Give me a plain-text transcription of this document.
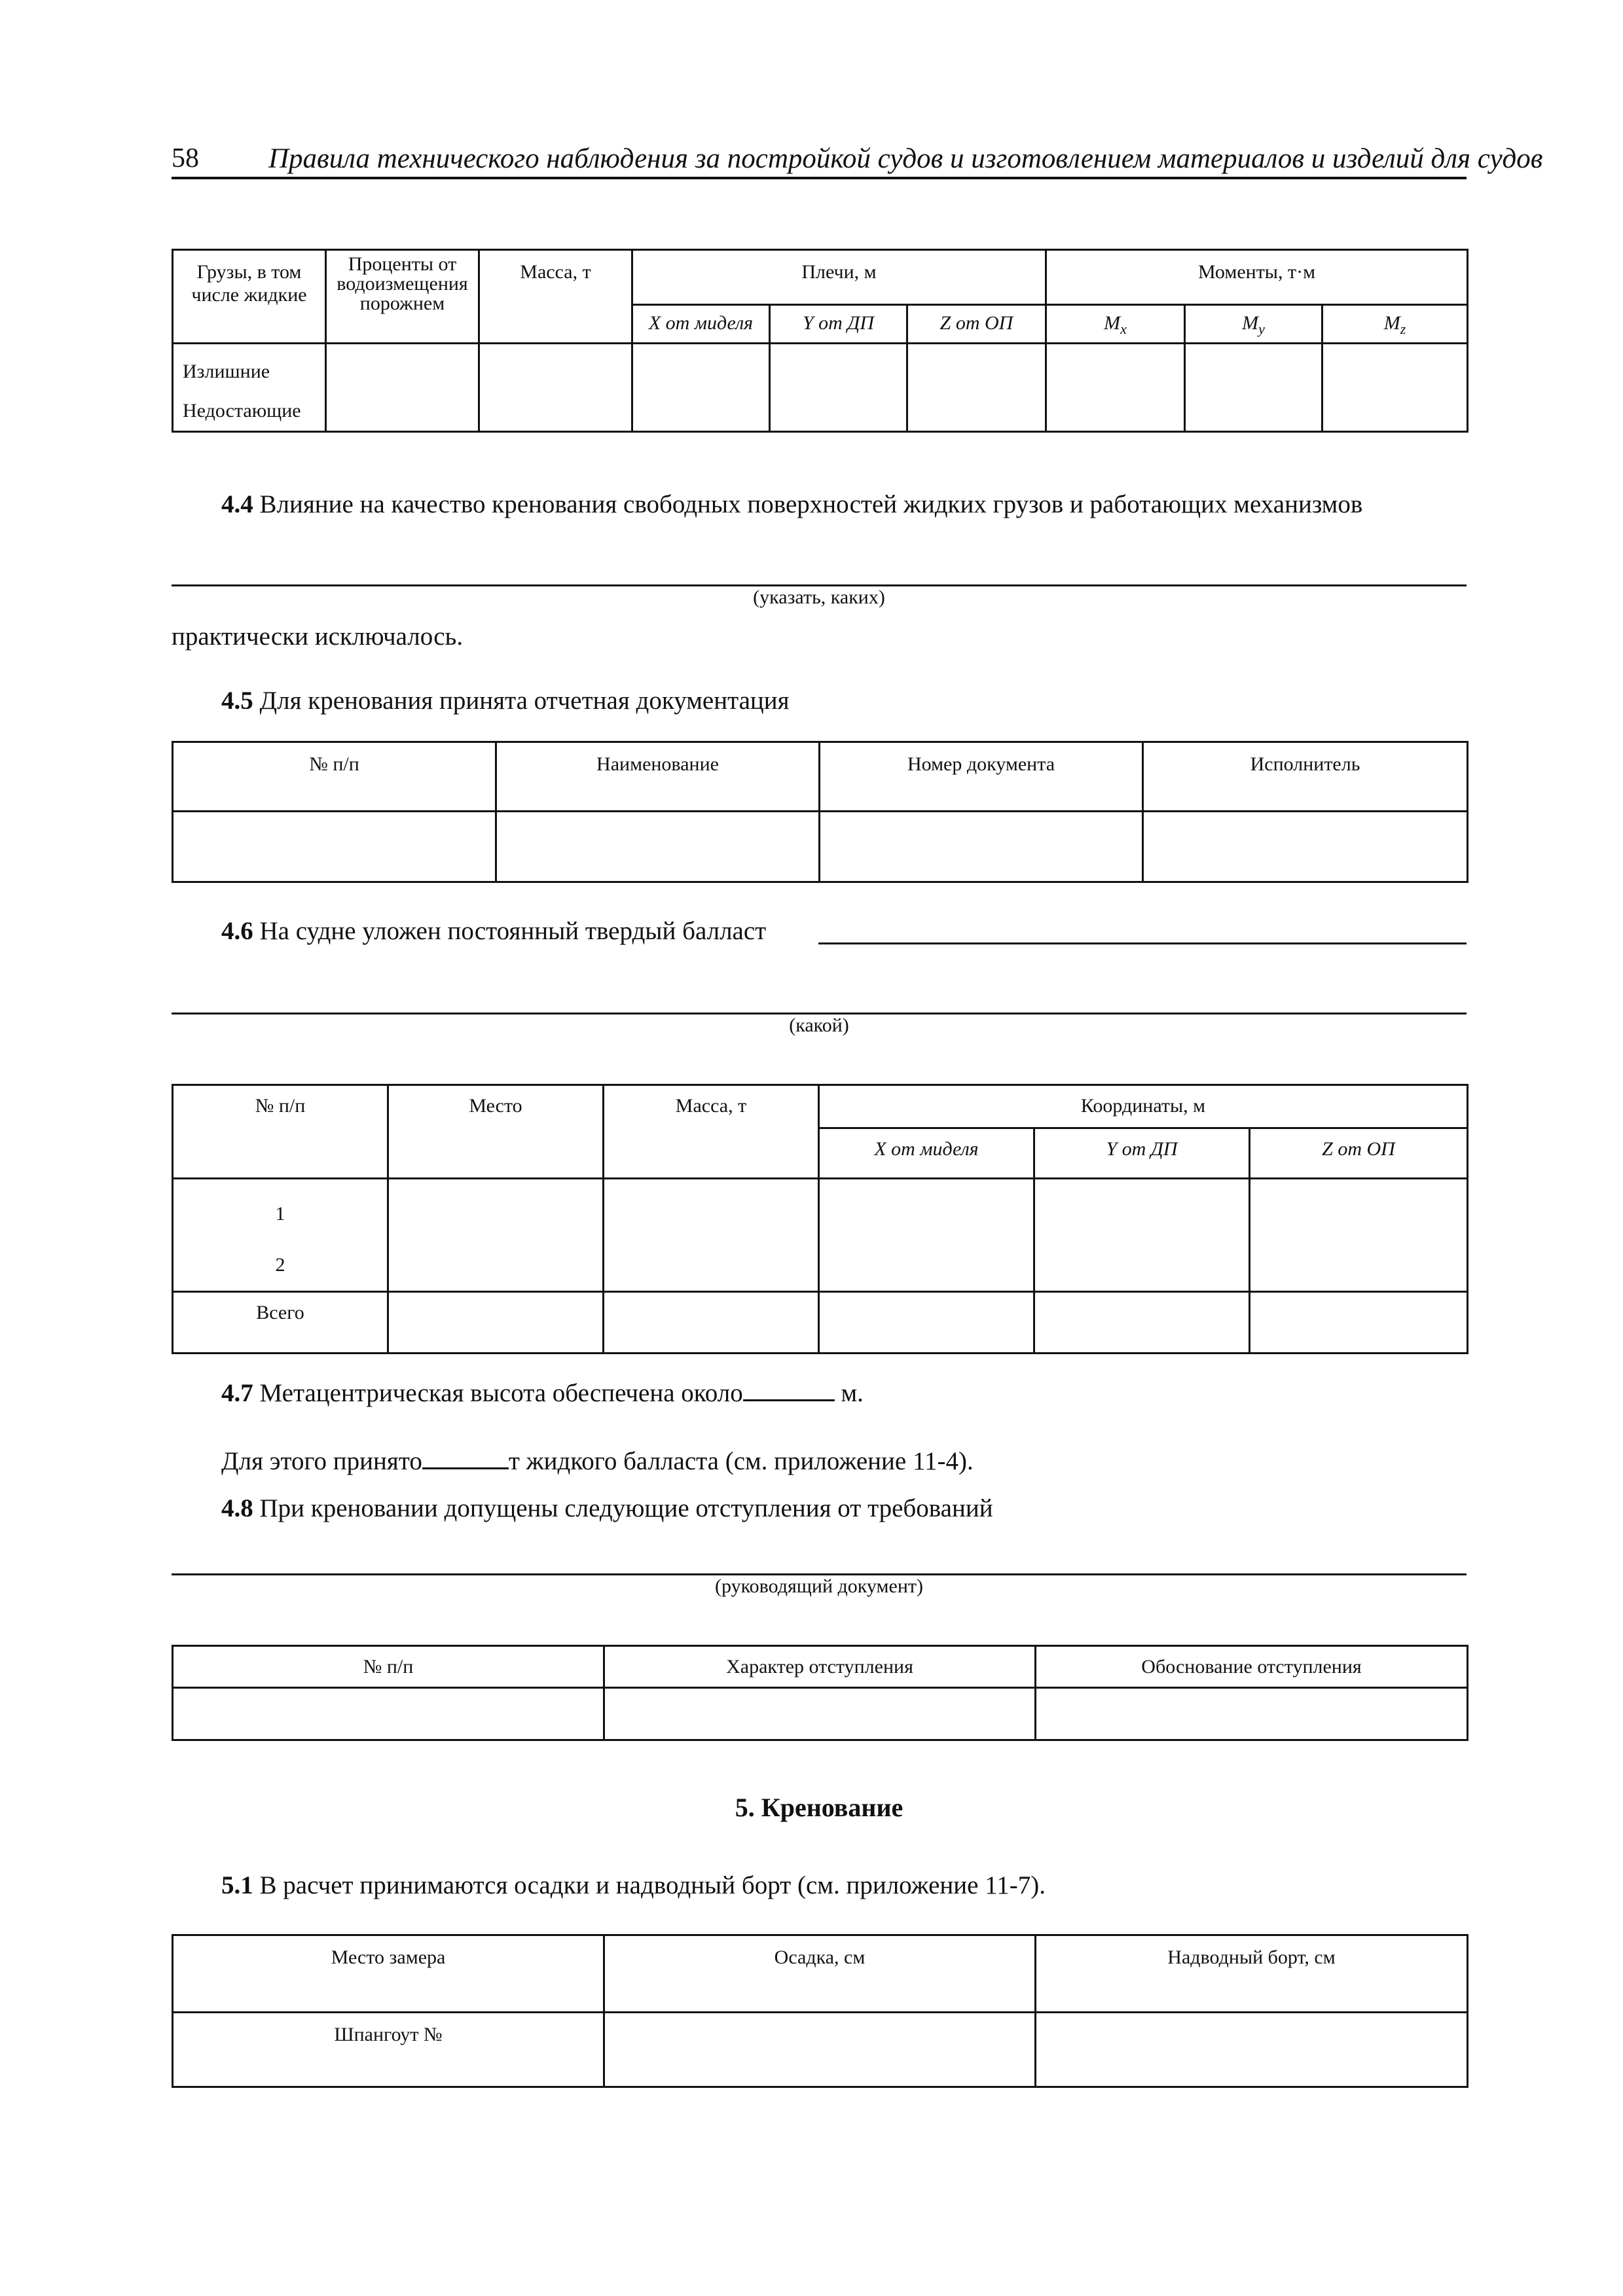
58 Правила технического наблюдения за постройкой судов и изготовлением материалов и изделий для судов
Грузы, в том
числе жидкие	Проценты от
водоизмещения
порожнем	Масса, т	Плечи, м			Моменты, т·м		
			X от миделя	Y от ДП	Z от ОП	$M_x$	$M_y$	$M_z$

Излишние
Недостающие								

4.4 Влияние на качество кренования свободных поверхностей жидких грузов и работающих механизмов
(указать, каких)
практически исключалось.
4.5 Для кренования принята отчетная документация
№ п/п	Наименование	Номер документа	Исполнитель

4.6 На судне уложен постоянный твердый балласт
(какой)
№ п/п	Место	Масса, т	Координаты, м		
			X от миделя	Y от ДП	Z от ОП

1
2					

Всего					
4.7 Метацентрическая высота обеспечена около	м.
Для этого принято	т жидкого балласта (см. приложение 11-4).
4.8 При креновании допущены следующие отступления от требований
(руководящий документ)
№ п/п	Характер отступления	Обоснование отступления

5. Кренование
5.1 В расчет принимаются осадки и надводный борт (см. приложение 11-7).
Место замера	Осадка, см	Надводный борт, см
Шпангоут №		
